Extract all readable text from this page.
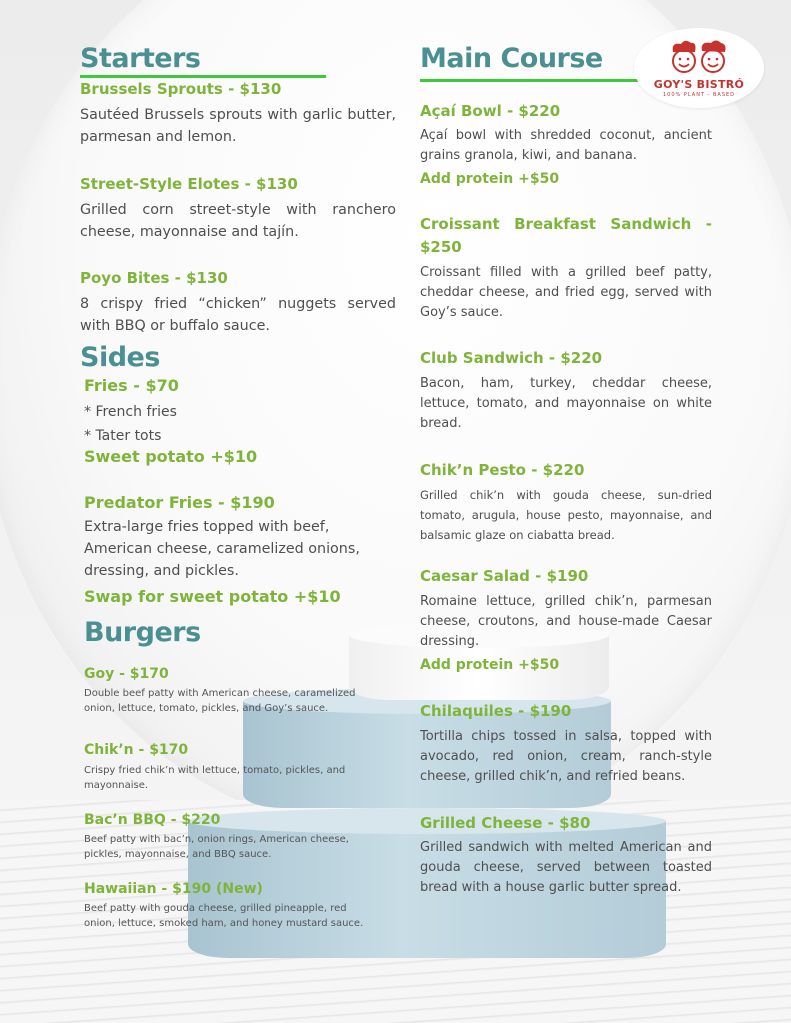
GOY'S BISTRÓ
100% PLANT - BASED
Starters
Brussels Sprouts - $130
Sautéed Brussels sprouts with garlic butter, parmesan and lemon.
Street-Style Elotes - $130
Grilled corn street-style with ranchero cheese, mayonnaise and tajín.
Poyo Bites - $130
8 crispy fried “chicken” nuggets served with BBQ or buffalo sauce.
Sides
Fries - $70
* French fries
* Tater tots
Sweet potato +$10
Predator Fries - $190
Extra-large fries topped with beef, American cheese, caramelized onions, dressing, and pickles.
Swap for sweet potato +$10
Burgers
Goy - $170
Double beef patty with American cheese, caramelized onion, lettuce, tomato, pickles, and Goy’s sauce.
Chik’n - $170
Crispy fried chik’n with lettuce, tomato, pickles, and mayonnaise.
Bac’n BBQ - $220
Beef patty with bac’n, onion rings, American cheese, pickles, mayonnaise, and BBQ sauce.
Hawaiian - $190 (New)
Beef patty with gouda cheese, grilled pineapple, red onion, lettuce, smoked ham, and honey mustard sauce.
Main Course
Açaí Bowl - $220
Açaí bowl with shredded coconut, ancient grains granola, kiwi, and banana.
Add protein +$50
Croissant Breakfast Sandwich - $250
Croissant filled with a grilled beef patty, cheddar cheese, and fried egg, served with Goy’s sauce.
Club Sandwich - $220
Bacon, ham, turkey, cheddar cheese, lettuce, tomato, and mayonnaise on white bread.
Chik’n Pesto - $220
Grilled chik’n with gouda cheese, sun-dried tomato, arugula, house pesto, mayonnaise, and balsamic glaze on ciabatta bread.
Caesar Salad - $190
Romaine lettuce, grilled chik’n, parmesan cheese, croutons, and house-made Caesar dressing.
Add protein +$50
Chilaquiles - $190
Tortilla chips tossed in salsa, topped with avocado, red onion, cream, ranch-style cheese, grilled chik’n, and refried beans.
Grilled Cheese - $80
Grilled sandwich with melted American and gouda cheese, served between toasted bread with a house garlic butter spread.
